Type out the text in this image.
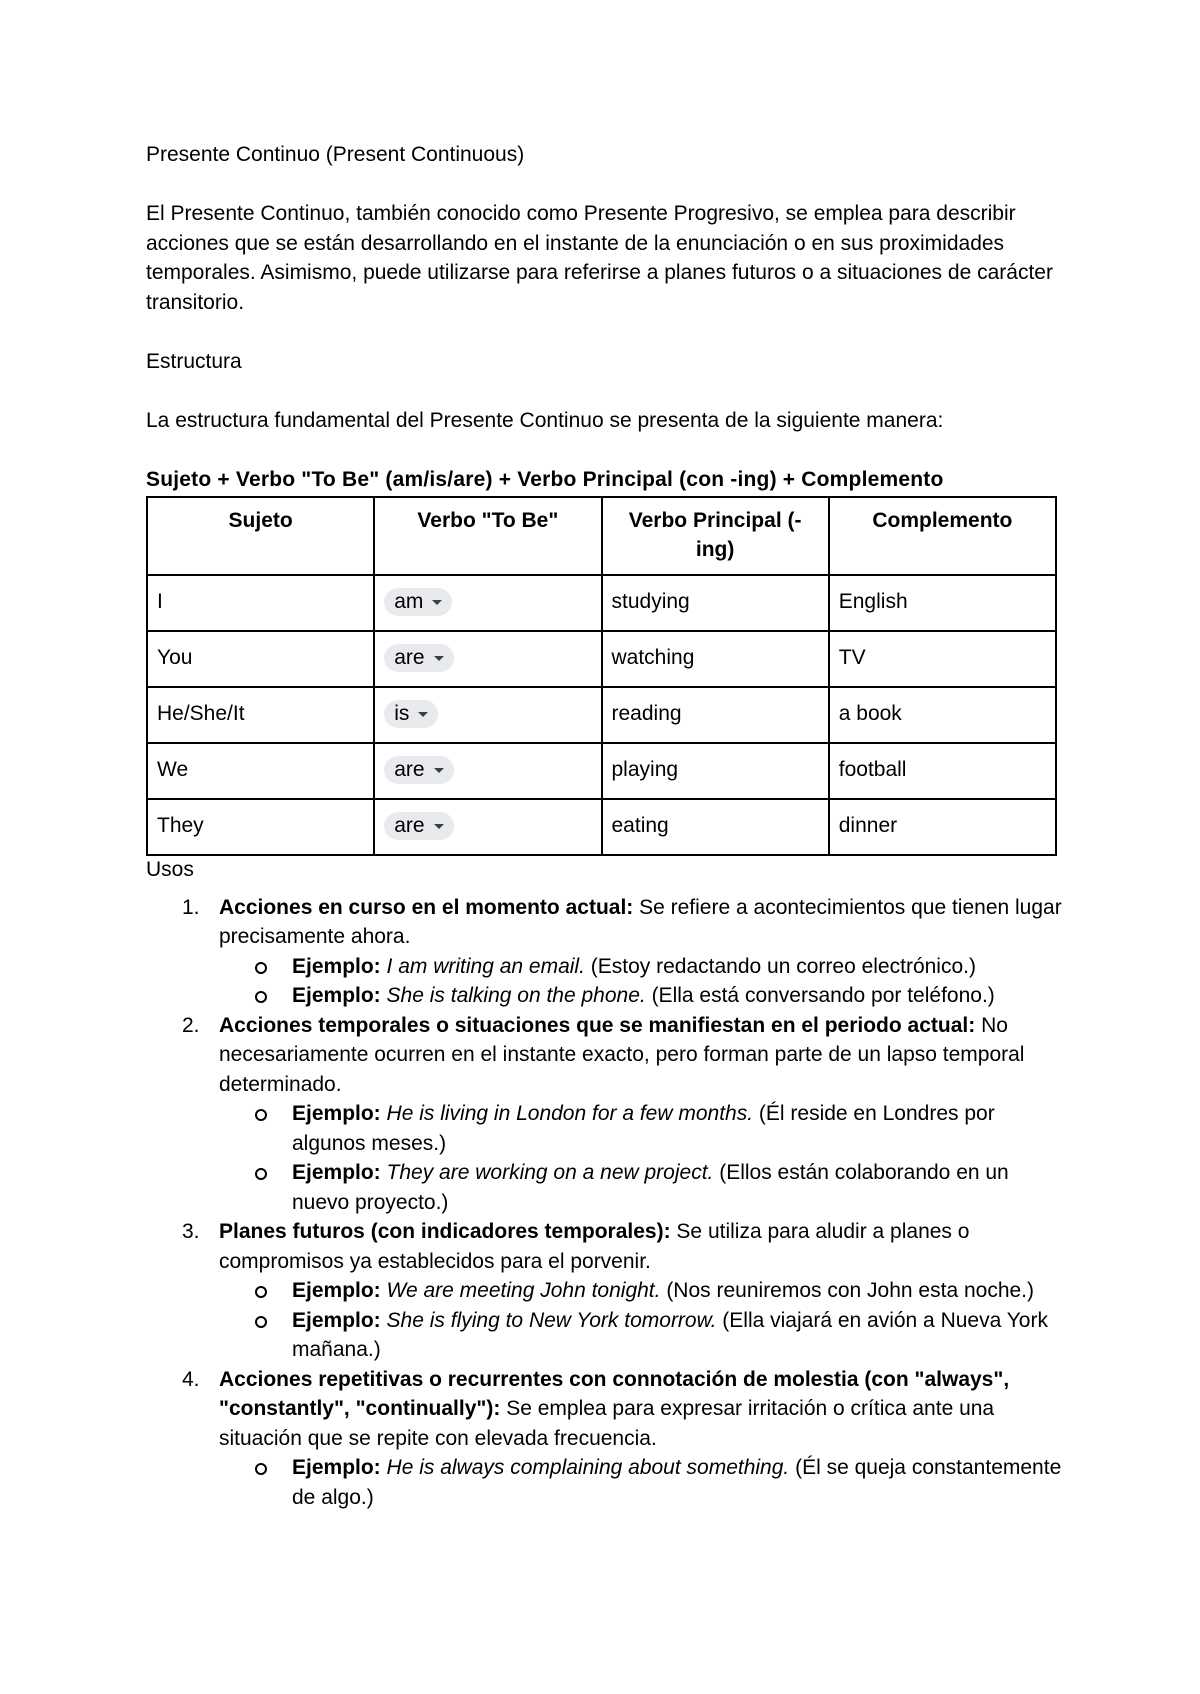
Presente Continuo (Present Continuous)

El Presente Continuo, también conocido como Presente Progresivo, se emplea para describir acciones que se están desarrollando en el instante de la enunciación o en sus proximidades temporales. Asimismo, puede utilizarse para referirse a planes futuros o a situaciones de carácter transitorio.

Estructura

La estructura fundamental del Presente Continuo se presenta de la siguiente manera:

Sujeto + Verbo "To Be" (am/is/are) + Verbo Principal (con -ing) + Complemento

Sujeto	Verbo "To Be"	Verbo Principal (-ing)	Complemento
I	am	studying	English
You	are	watching	TV
He/She/It	is	reading	a book
We	are	playing	football
They	are	eating	dinner

Usos

1. Acciones en curso en el momento actual: Se refiere a acontecimientos que tienen lugar precisamente ahora.
Ejemplo: I am writing an email. (Estoy redactando un correo electrónico.)
Ejemplo: She is talking on the phone. (Ella está conversando por teléfono.)
2. Acciones temporales o situaciones que se manifiestan en el periodo actual: No necesariamente ocurren en el instante exacto, pero forman parte de un lapso temporal determinado.
Ejemplo: He is living in London for a few months. (Él reside en Londres por algunos meses.)
Ejemplo: They are working on a new project. (Ellos están colaborando en un nuevo proyecto.)
3. Planes futuros (con indicadores temporales): Se utiliza para aludir a planes o compromisos ya establecidos para el porvenir.
Ejemplo: We are meeting John tonight. (Nos reuniremos con John esta noche.)
Ejemplo: She is flying to New York tomorrow. (Ella viajará en avión a Nueva York mañana.)
4. Acciones repetitivas o recurrentes con connotación de molestia (con "always", "constantly", "continually"): Se emplea para expresar irritación o crítica ante una situación que se repite con elevada frecuencia.
Ejemplo: He is always complaining about something. (Él se queja constantemente de algo.)
